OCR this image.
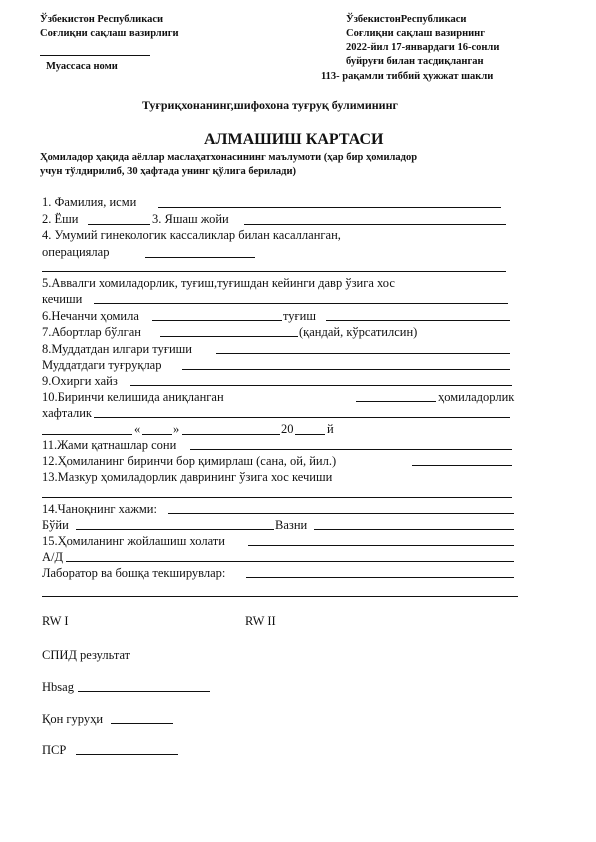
Ўзбекистон Республикаси
Соғлиқни сақлаш вазирлиги
Муассаса номи
ЎзбекистонРеспубликаси
Соғлиқни сақлаш вазирнинг
2022-йил 17-январдаги 16-сонли
буйруғи билан тасдиқланган
113- рақамли тиббий ҳужжат шакли
Туғриқхонанинг,шифохона туғруқ булимининг
АЛМАШИШ КАРТАСИ
Ҳомиладор ҳақида аёллар маслаҳатхонасининг маълумоти (ҳар бир ҳомиладор
учун тўлдирилиб, 30 ҳафтада унинг қўлига берилади)
1. Фамилия, исми
2. Ёши	3. Яшаш жойи
4. Умумий гинекологик кассаликлар билан касалланган,
операциялар
5.Аввалги хомиладорлик, туғиш,туғишдан кейинги давр ўзига хос
кечиши
6.Нечанчи ҳомила	туғиш
7.Абортлар бўлган	(қандай, кўрсатилсин)
8.Муддатдан илгари туғиши
Муддатдаги туғруқлар
9.Охирги хайз
10.Биринчи келишида аниқланган	ҳомиладорлик
хафталик
«	»	20	й
11.Жами қатнашлар сони
12.Ҳомиланинг биринчи бор қимирлаш (сана, ой, йил.)
13.Мазкур ҳомиладорлик даврининг ўзига хос кечиши
14.Чаноқнинг хажми:
Бўйи	Вазни
15.Ҳомиланинг жойлашиш холати
А/Д
Лаборатор ва бошқа текширувлар:
RW I	RW II
СПИД результат
Hbsag
Қон гуруҳи
ПСР
